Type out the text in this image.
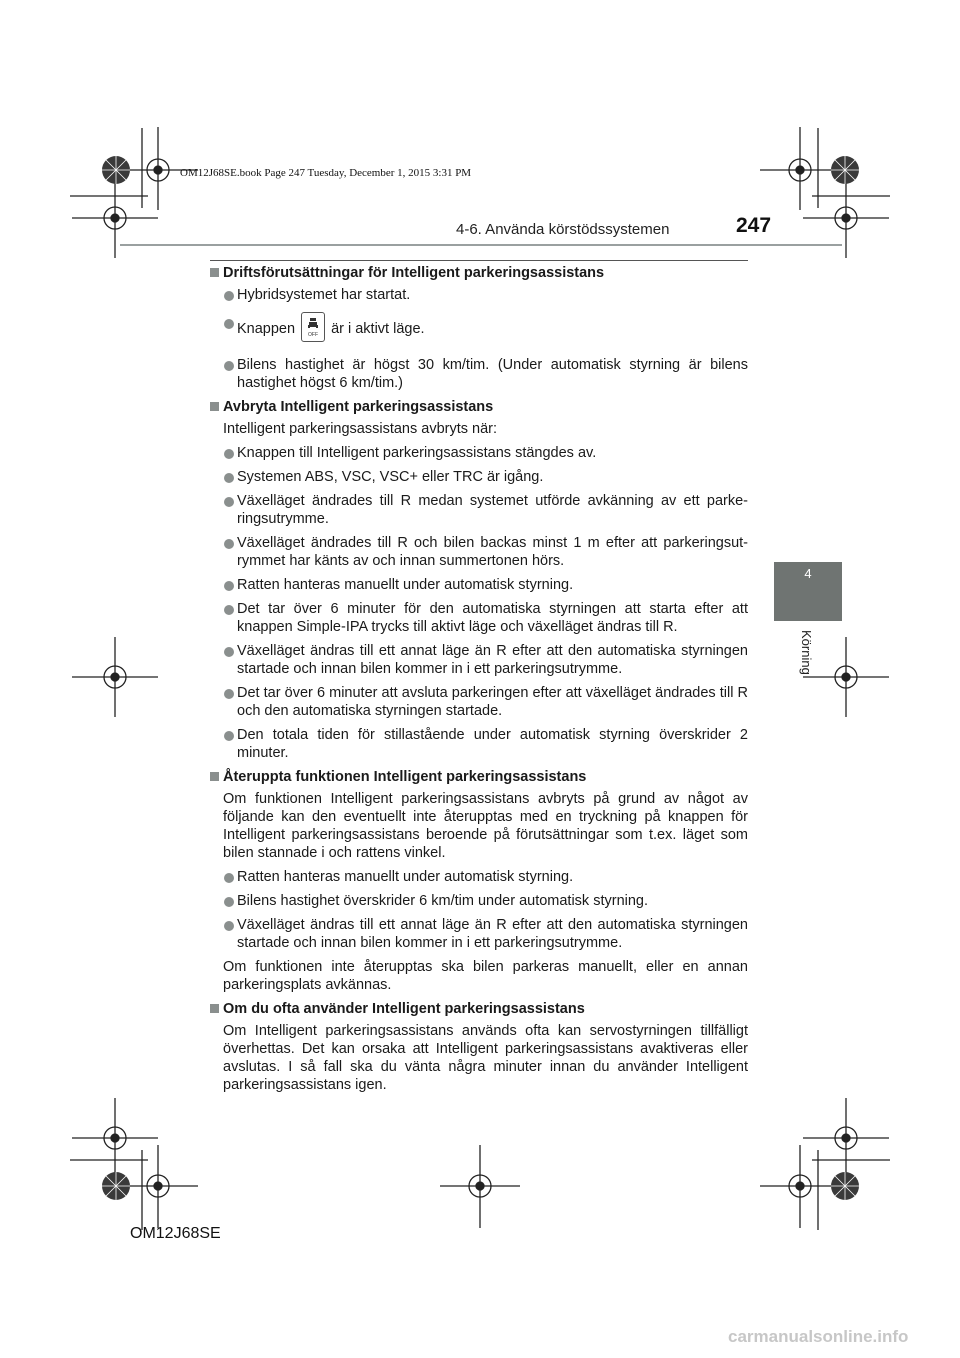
OM12J68SE.book Page 247 Tuesday, December 1, 2015 3:31 PM
4-6. Använda körstödssystemen	247
4
Körning
Driftsförutsättningar för Intelligent parkeringsassistans
Hybridsystemet har startat.
Knappen	OFF är i aktivt läge.
Bilens hastighet är högst 30 km/tim. (Under automatisk styrning är bilens hastighet högst 6 km/tim.)
Avbryta Intelligent parkeringsassistans
Intelligent parkeringsassistans avbryts när:
Knappen till Intelligent parkeringsassistans stängdes av.
Systemen ABS, VSC, VSC+ eller TRC är igång.
Växelläget ändrades till R medan systemet utförde avkänning av ett parke-ringsutrymme.
Växelläget ändrades till R och bilen backas minst 1 m efter att parkeringsut-rymmet har känts av och innan summertonen hörs.
Ratten hanteras manuellt under automatisk styrning.
Det tar över 6 minuter för den automatiska styrningen att starta efter att knappen Simple-IPA trycks till aktivt läge och växelläget ändras till R.
Växelläget ändras till ett annat läge än R efter att den automatiska styrningen startade och innan bilen kommer in i ett parkeringsutrymme.
Det tar över 6 minuter att avsluta parkeringen efter att växelläget ändrades till R och den automatiska styrningen startade.
Den totala tiden för stillastående under automatisk styrning överskrider 2 minuter.
Återuppta funktionen Intelligent parkeringsassistans
Om funktionen Intelligent parkeringsassistans avbryts på grund av något av följande kan den eventuellt inte återupptas med en tryckning på knappen för Intelligent parkeringsassistans beroende på förutsättningar som t.ex. läget som bilen stannade i och rattens vinkel.
Ratten hanteras manuellt under automatisk styrning.
Bilens hastighet överskrider 6 km/tim under automatisk styrning.
Växelläget ändras till ett annat läge än R efter att den automatiska styrningen startade och innan bilen kommer in i ett parkeringsutrymme.
Om funktionen inte återupptas ska bilen parkeras manuellt, eller en annan parkeringsplats avkännas.
Om du ofta använder Intelligent parkeringsassistans
Om Intelligent parkeringsassistans används ofta kan servostyrningen tillfälligt överhettas. Det kan orsaka att Intelligent parkeringsassistans avaktiveras eller avslutas. I så fall ska du vänta några minuter innan du använder Intelligent parkeringsassistans igen.
OM12J68SE
carmanualsonline.info
